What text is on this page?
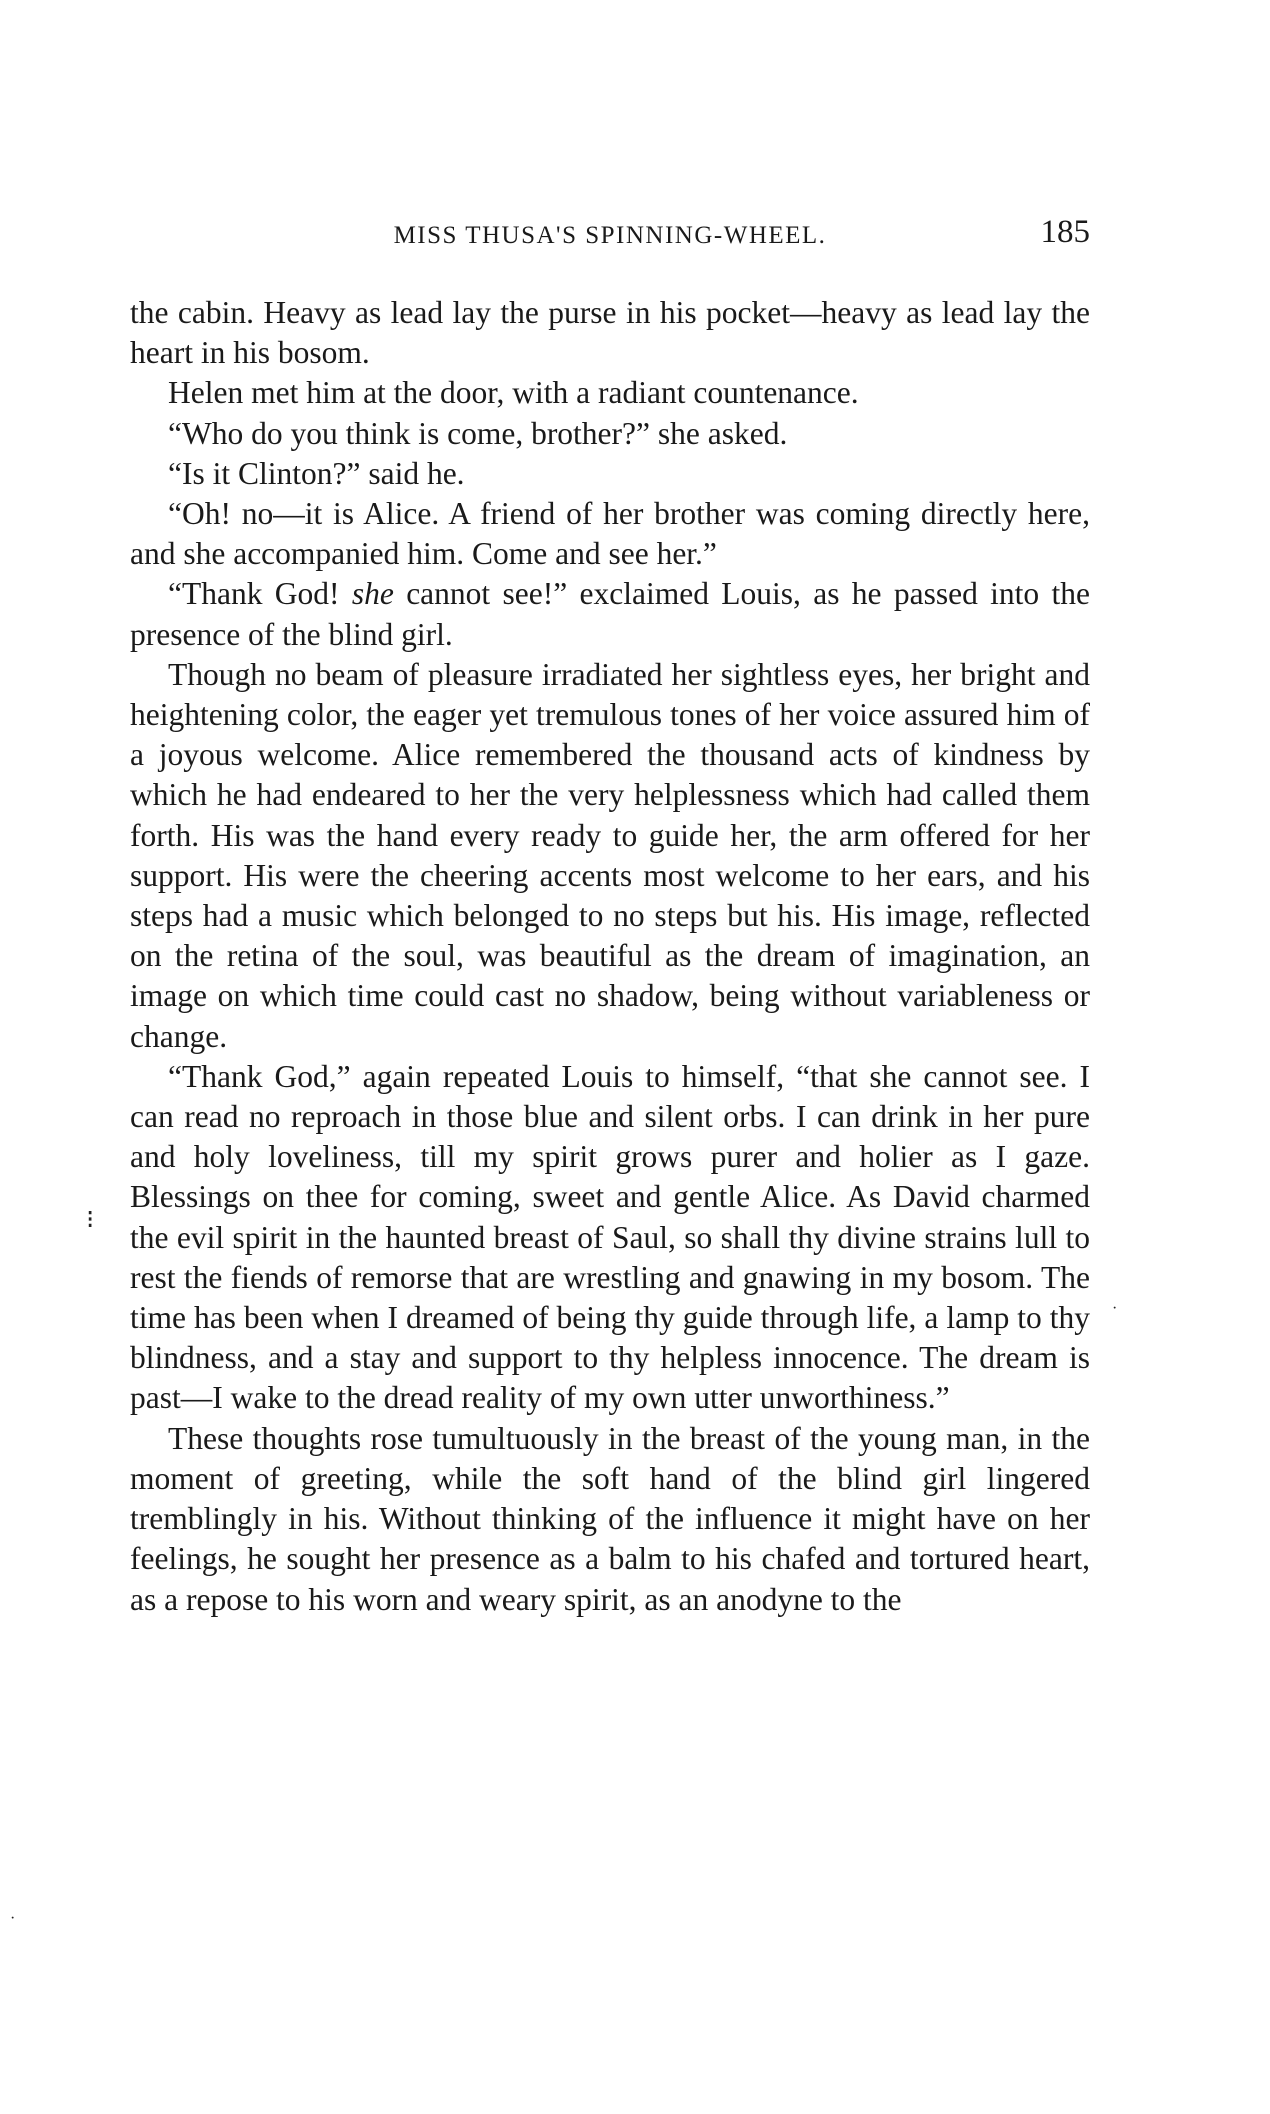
MISS THUSA'S SPINNING-WHEEL.	185

the cabin. Heavy as lead lay the purse in his pocket—heavy as lead lay the heart in his bosom.

Helen met him at the door, with a radiant countenance.

“Who do you think is come, brother?” she asked.

“Is it Clinton?” said he.

“Oh! no—it is Alice. A friend of her brother was coming directly here, and she accompanied him. Come and see her.”

“Thank God! she cannot see!” exclaimed Louis, as he passed into the presence of the blind girl.

Though no beam of pleasure irradiated her sightless eyes, her bright and heightening color, the eager yet tremulous tones of her voice assured him of a joyous welcome. Alice remembered the thousand acts of kindness by which he had endeared to her the very helplessness which had called them forth. His was the hand every ready to guide her, the arm offered for her support. His were the cheering accents most welcome to her ears, and his steps had a music which belonged to no steps but his. His image, reflected on the retina of the soul, was beautiful as the dream of imagination, an image on which time could cast no shadow, being without variableness or change.

“Thank God,” again repeated Louis to himself, “that she cannot see. I can read no reproach in those blue and silent orbs. I can drink in her pure and holy loveliness, till my spirit grows purer and holier as I gaze. Blessings on thee for coming, sweet and gentle Alice. As David charmed the evil spirit in the haunted breast of Saul, so shall thy divine strains lull to rest the fiends of remorse that are wrestling and gnawing in my bosom. The time has been when I dreamed of being thy guide through life, a lamp to thy blindness, and a stay and support to thy helpless innocence. The dream is past—I wake to the dread reality of my own utter unworthiness.”

These thoughts rose tumultuously in the breast of the young man, in the moment of greeting, while the soft hand of the blind girl lingered tremblingly in his. Without thinking of the influence it might have on her feelings, he sought her presence as a balm to his chafed and tortured heart, as a repose to his worn and weary spirit, as an anodyne to the

⁝
·
·
